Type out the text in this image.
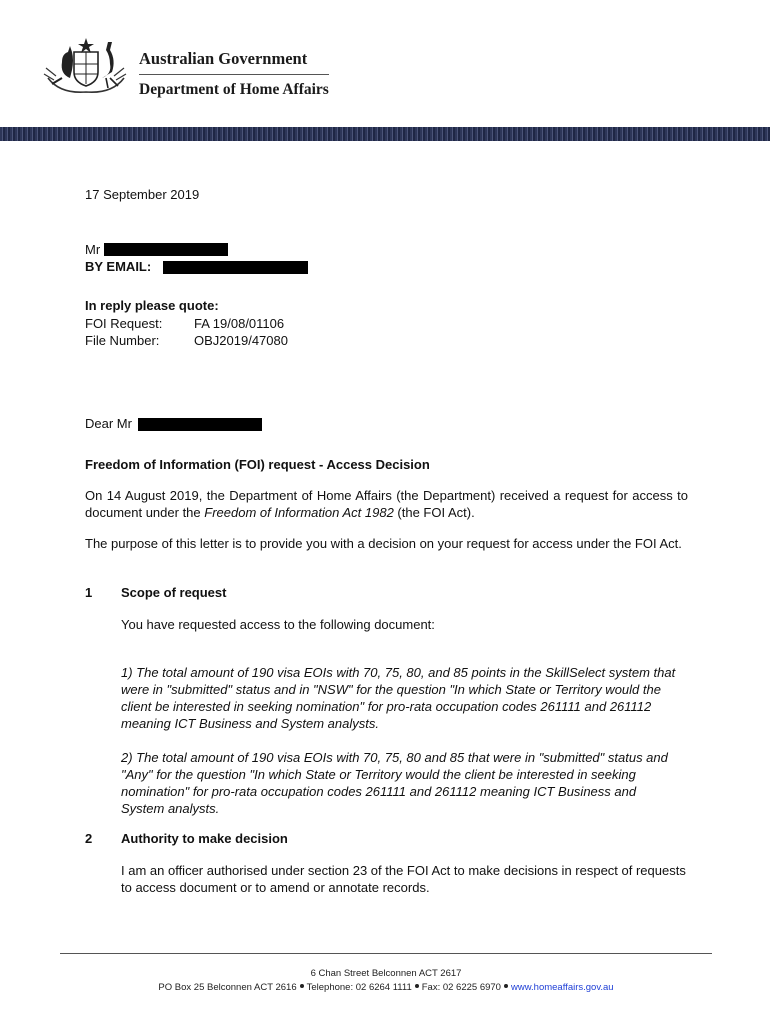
Australian Government
Department of Home Affairs
17 September 2019
Mr
BY EMAIL:
In reply please quote:
FOI Request: FA 19/08/01106
File Number:	OBJ2019/47080
Dear Mr
Freedom of Information (FOI) request - Access Decision
On 14 August 2019, the Department of Home Affairs (the Department) received a request for access to document under the Freedom of Information Act 1982 (the FOI Act).
The purpose of this letter is to provide you with a decision on your request for access under the FOI Act.
1 Scope of request
You have requested access to the following document:
1) The total amount of 190 visa EOIs with 70, 75, 80, and 85 points in the SkillSelect system that were in "submitted" status and in "NSW" for the question "In which State or Territory would the client be interested in seeking nomination" for pro-rata occupation codes 261111 and 261112 meaning ICT Business and System analysts.
2) The total amount of 190 visa EOIs with 70, 75, 80 and 85 that were in "submitted" status and "Any" for the question "In which State or Territory would the client be interested in seeking nomination" for pro-rata occupation codes 261111 and 261112 meaning ICT Business and System analysts.
2 Authority to make decision
I am an officer authorised under section 23 of the FOI Act to make decisions in respect of requests to access document or to amend or annotate records.
6 Chan Street Belconnen ACT 2617
PO Box 25 Belconnen ACT 2616 Telephone: 02 6264 1111 Fax: 02 6225 6970 www.homeaffairs.gov.au
